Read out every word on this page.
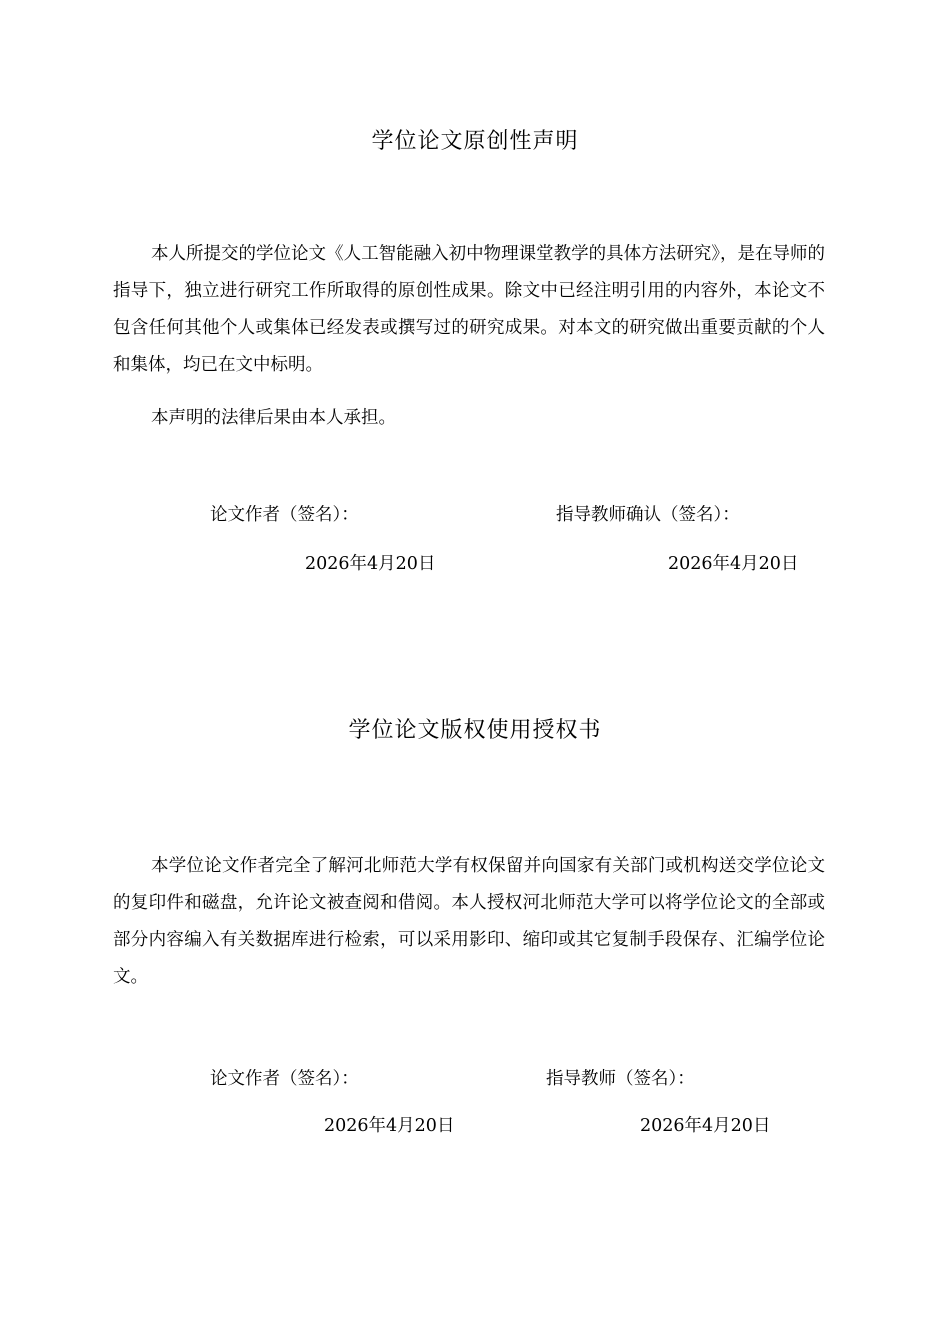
学位论文原创性声明

本人所提交的学位论文《人工智能融入初中物理课堂教学的具体方法研究》，是在导师的指导下，独立进行研究工作所取得的原创性成果。除文中已经注明引用的内容外，本论文不包含任何其他个人或集体已经发表或撰写过的研究成果。对本文的研究做出重要贡献的个人和集体，均已在文中标明。

本声明的法律后果由本人承担。

论文作者（签名）：	指导教师确认（签名）：
2026年4月20日	2026年4月20日
学位论文版权使用授权书

本学位论文作者完全了解河北师范大学有权保留并向国家有关部门或机构送交学位论文的复印件和磁盘，允许论文被查阅和借阅。本人授权河北师范大学可以将学位论文的全部或部分内容编入有关数据库进行检索，可以采用影印、缩印或其它复制手段保存、汇编学位论文。

论文作者（签名）：	指导教师（签名）：
2026年4月20日	2026年4月20日
